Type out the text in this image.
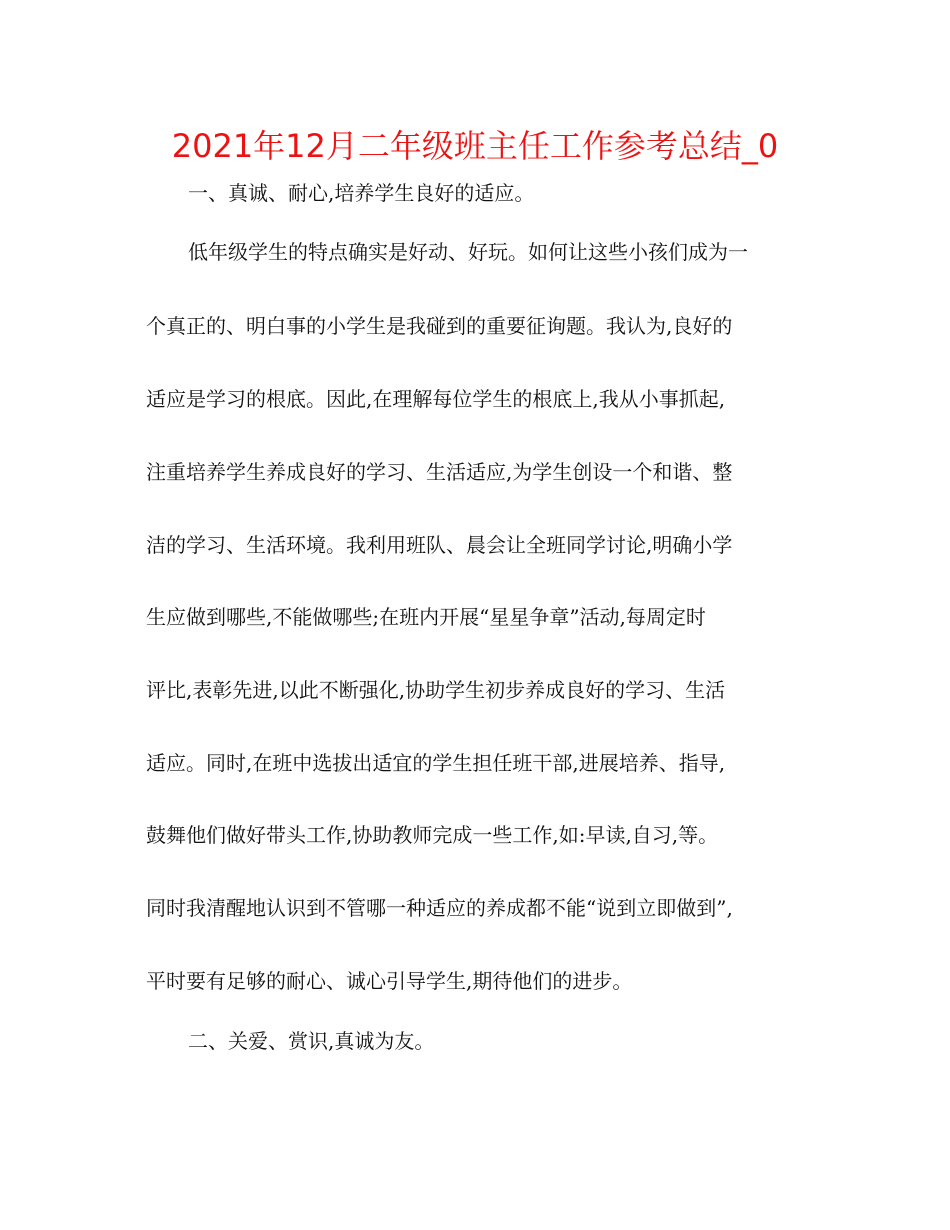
2021年12月二年级班主任工作参考总结_0
一、真诚、耐心,培养学生良好的适应。
低年级学生的特点确实是好动、好玩。如何让这些小孩们成为一
个真正的、明白事的小学生是我碰到的重要征询题。我认为,良好的
适应是学习的根底。因此,在理解每位学生的根底上,我从小事抓起,
注重培养学生养成良好的学习、生活适应,为学生创设一个和谐、整
洁的学习、生活环境。我利用班队、晨会让全班同学讨论,明确小学
生应做到哪些,不能做哪些;在班内开展“星星争章”活动,每周定时
评比,表彰先进,以此不断强化,协助学生初步养成良好的学习、生活
适应。同时,在班中选拔出适宜的学生担任班干部,进展培养、指导,
鼓舞他们做好带头工作,协助教师完成一些工作,如:早读,自习,等。
同时我清醒地认识到不管哪一种适应的养成都不能“说到立即做到”,
平时要有足够的耐心、诚心引导学生,期待他们的进步。
二、关爱、赏识,真诚为友。
